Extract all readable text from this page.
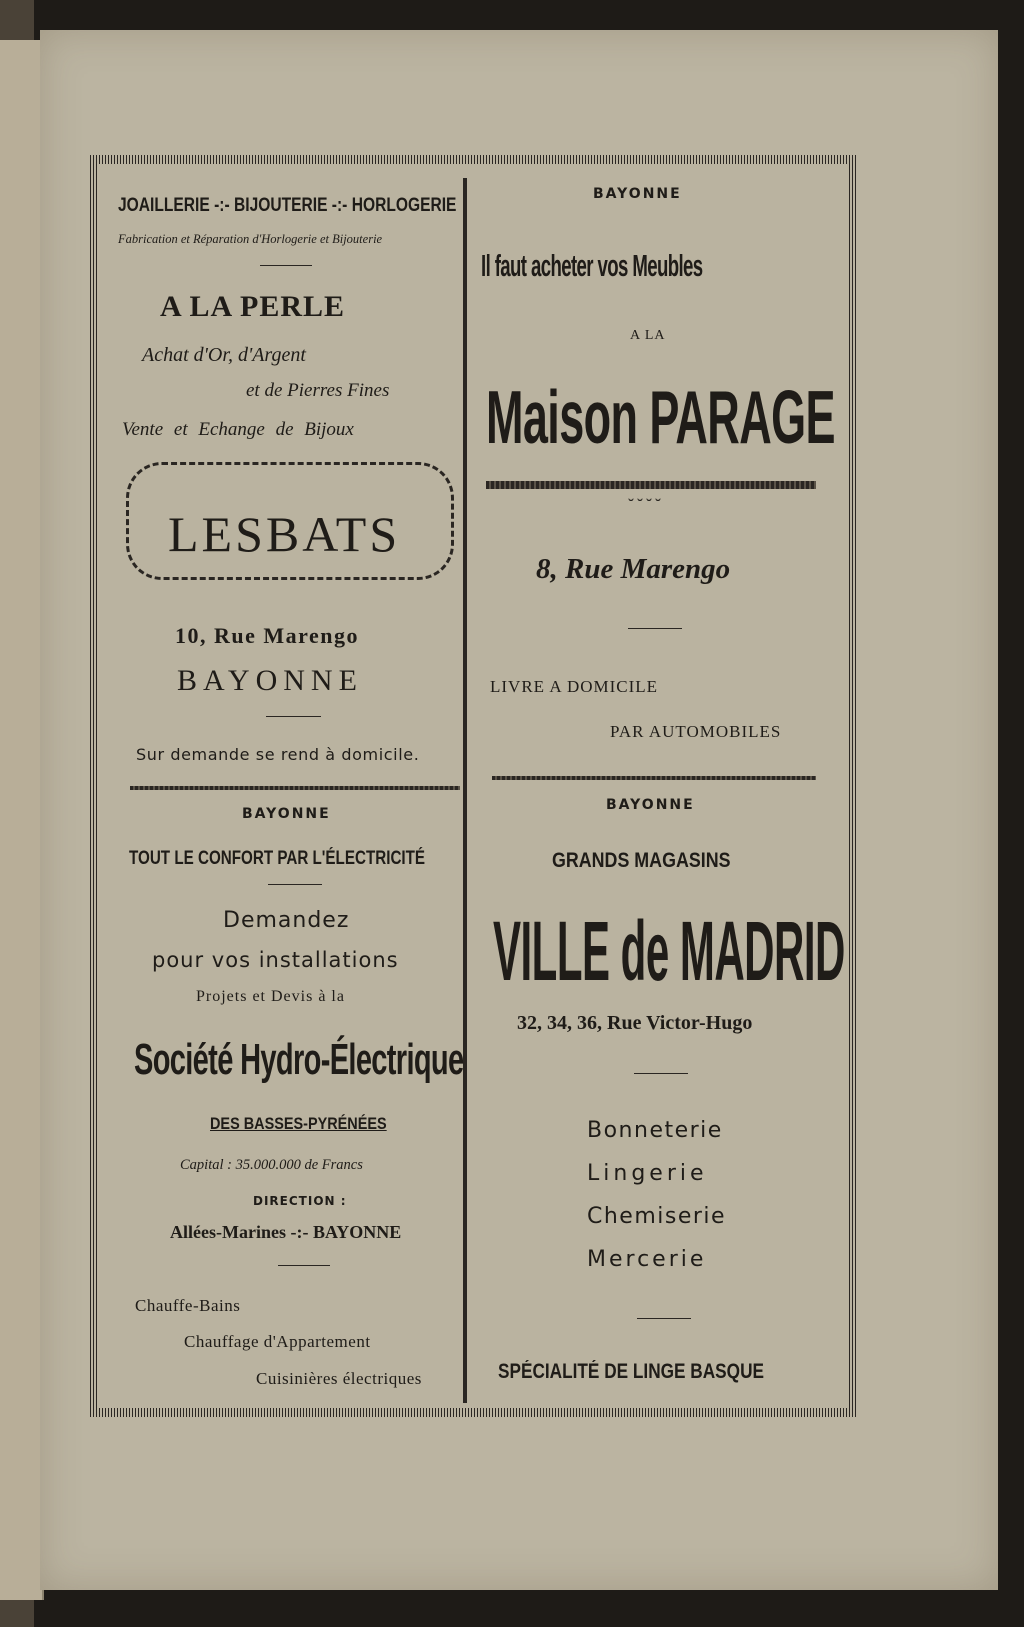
JOAILLERIE -:- BIJOUTERIE -:- HORLOGERIE
Fabrication et Réparation d'Horlogerie et Bijouterie
A LA PERLE
Achat d'Or, d'Argent
et de Pierres Fines
Vente et Echange de Bijoux
LESBATS
10, Rue Marengo
BAYONNE
Sur demande se rend à domicile.
BAYONNE
TOUT LE CONFORT PAR L'ÉLECTRICITÉ
Demandez
pour vos installations
Projets et Devis à la
Société Hydro-Électrique
DES BASSES-PYRÉNÉES
Capital : 35.000.000 de Francs
DIRECTION :
Allées-Marines -:- BAYONNE
Chauffe-Bains
Chauffage d'Appartement
Cuisinières électriques
BAYONNE
Il faut acheter vos Meubles
A LA
Maison PARAGE
˘˘˘˘
8, Rue Marengo
LIVRE A DOMICILE
PAR AUTOMOBILES
BAYONNE
GRANDS MAGASINS
VILLE de MADRID
32, 34, 36, Rue Victor-Hugo
Bonneterie
Lingerie
Chemiserie
Mercerie
SPÉCIALITÉ DE LINGE BASQUE
